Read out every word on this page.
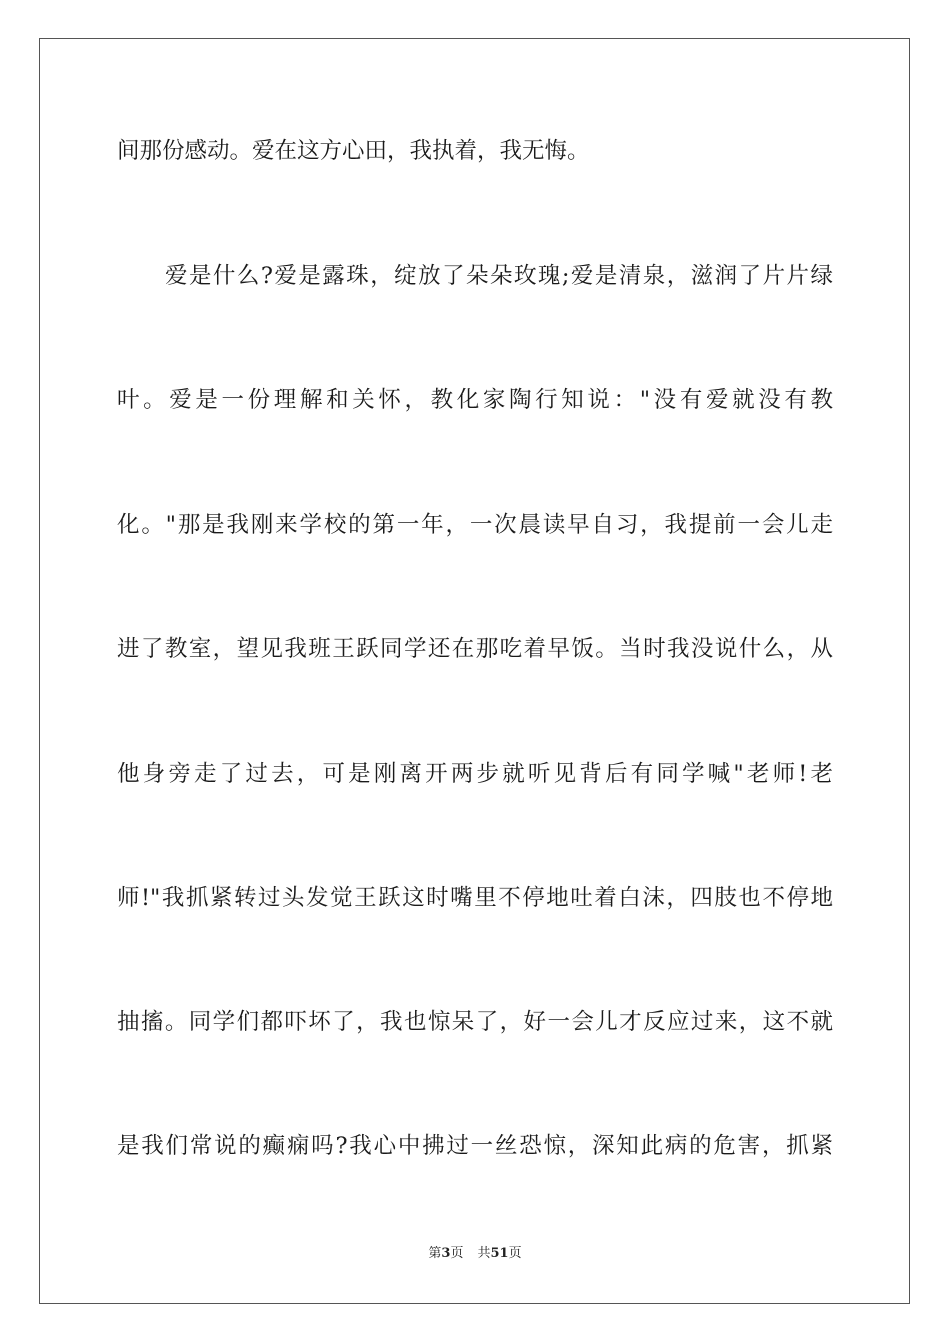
间那份感动。爱在这方心田，我执着，我无悔。
爱是什么?爱是露珠，绽放了朵朵玫瑰;爱是清泉，滋润了片片绿
叶。爱是一份理解和关怀，教化家陶行知说："没有爱就没有教
化。"那是我刚来学校的第一年，一次晨读早自习，我提前一会儿走
进了教室，望见我班王跃同学还在那吃着早饭。当时我没说什么，从
他身旁走了过去，可是刚离开两步就听见背后有同学喊"老师!老
师!"我抓紧转过头发觉王跃这时嘴里不停地吐着白沫，四肢也不停地
抽搐。同学们都吓坏了，我也惊呆了，好一会儿才反应过来，这不就
是我们常说的癫痫吗?我心中拂过一丝恐惊，深知此病的危害，抓紧
第3页 共51页
